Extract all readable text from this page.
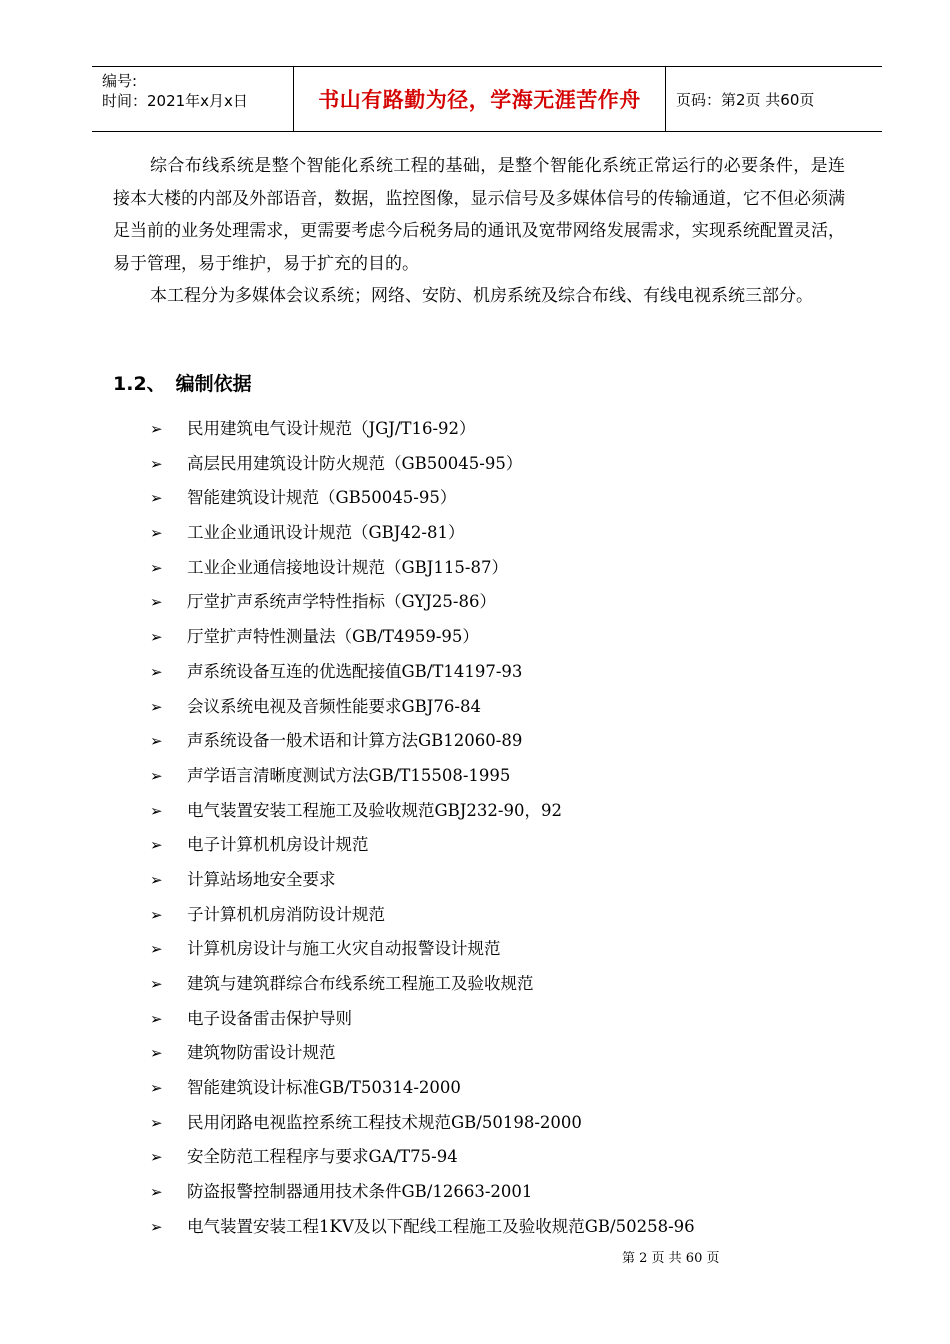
编号:
时间：2021年x月x日	书山有路勤为径，学海无涯苦作舟	页码：第2页 共60页

综合布线系统是整个智能化系统工程的基础，是整个智能化系统正常运行的必要条件，是连接本大楼的内部及外部语音，数据，监控图像，显示信号及多媒体信号的传输通道，它不但必须满足当前的业务处理需求，更需要考虑今后税务局的通讯及宽带网络发展需求，实现系统配置灵活，易于管理，易于维护，易于扩充的目的。

本工程分为多媒体会议系统；网络、安防、机房系统及综合布线、有线电视系统三部分。

1.2、 编制依据
➢	民用建筑电气设计规范（JGJ/T16-92）
➢	高层民用建筑设计防火规范（GB50045-95）
➢	智能建筑设计规范（GB50045-95）
➢	工业企业通讯设计规范（GBJ42-81）
➢	工业企业通信接地设计规范（GBJ115-87）
➢	厅堂扩声系统声学特性指标（GYJ25-86）
➢	厅堂扩声特性测量法（GB/T4959-95）
➢	声系统设备互连的优选配接值GB/T14197-93
➢	会议系统电视及音频性能要求GBJ76-84
➢	声系统设备一般术语和计算方法GB12060-89
➢	声学语言清晰度测试方法GB/T15508-1995
➢	电气装置安装工程施工及验收规范GBJ232-90，92
➢	电子计算机机房设计规范
➢	计算站场地安全要求
➢	子计算机机房消防设计规范
➢	计算机房设计与施工火灾自动报警设计规范
➢	建筑与建筑群综合布线系统工程施工及验收规范
➢	电子设备雷击保护导则
➢	建筑物防雷设计规范
➢	智能建筑设计标准GB/T50314-2000
➢	民用闭路电视监控系统工程技术规范GB/50198-2000
➢	安全防范工程程序与要求GA/T75-94
➢	防盗报警控制器通用技术条件GB/12663-2001
➢	电气装置安装工程1KV及以下配线工程施工及验收规范GB/50258-96
第 2 页 共 60 页
